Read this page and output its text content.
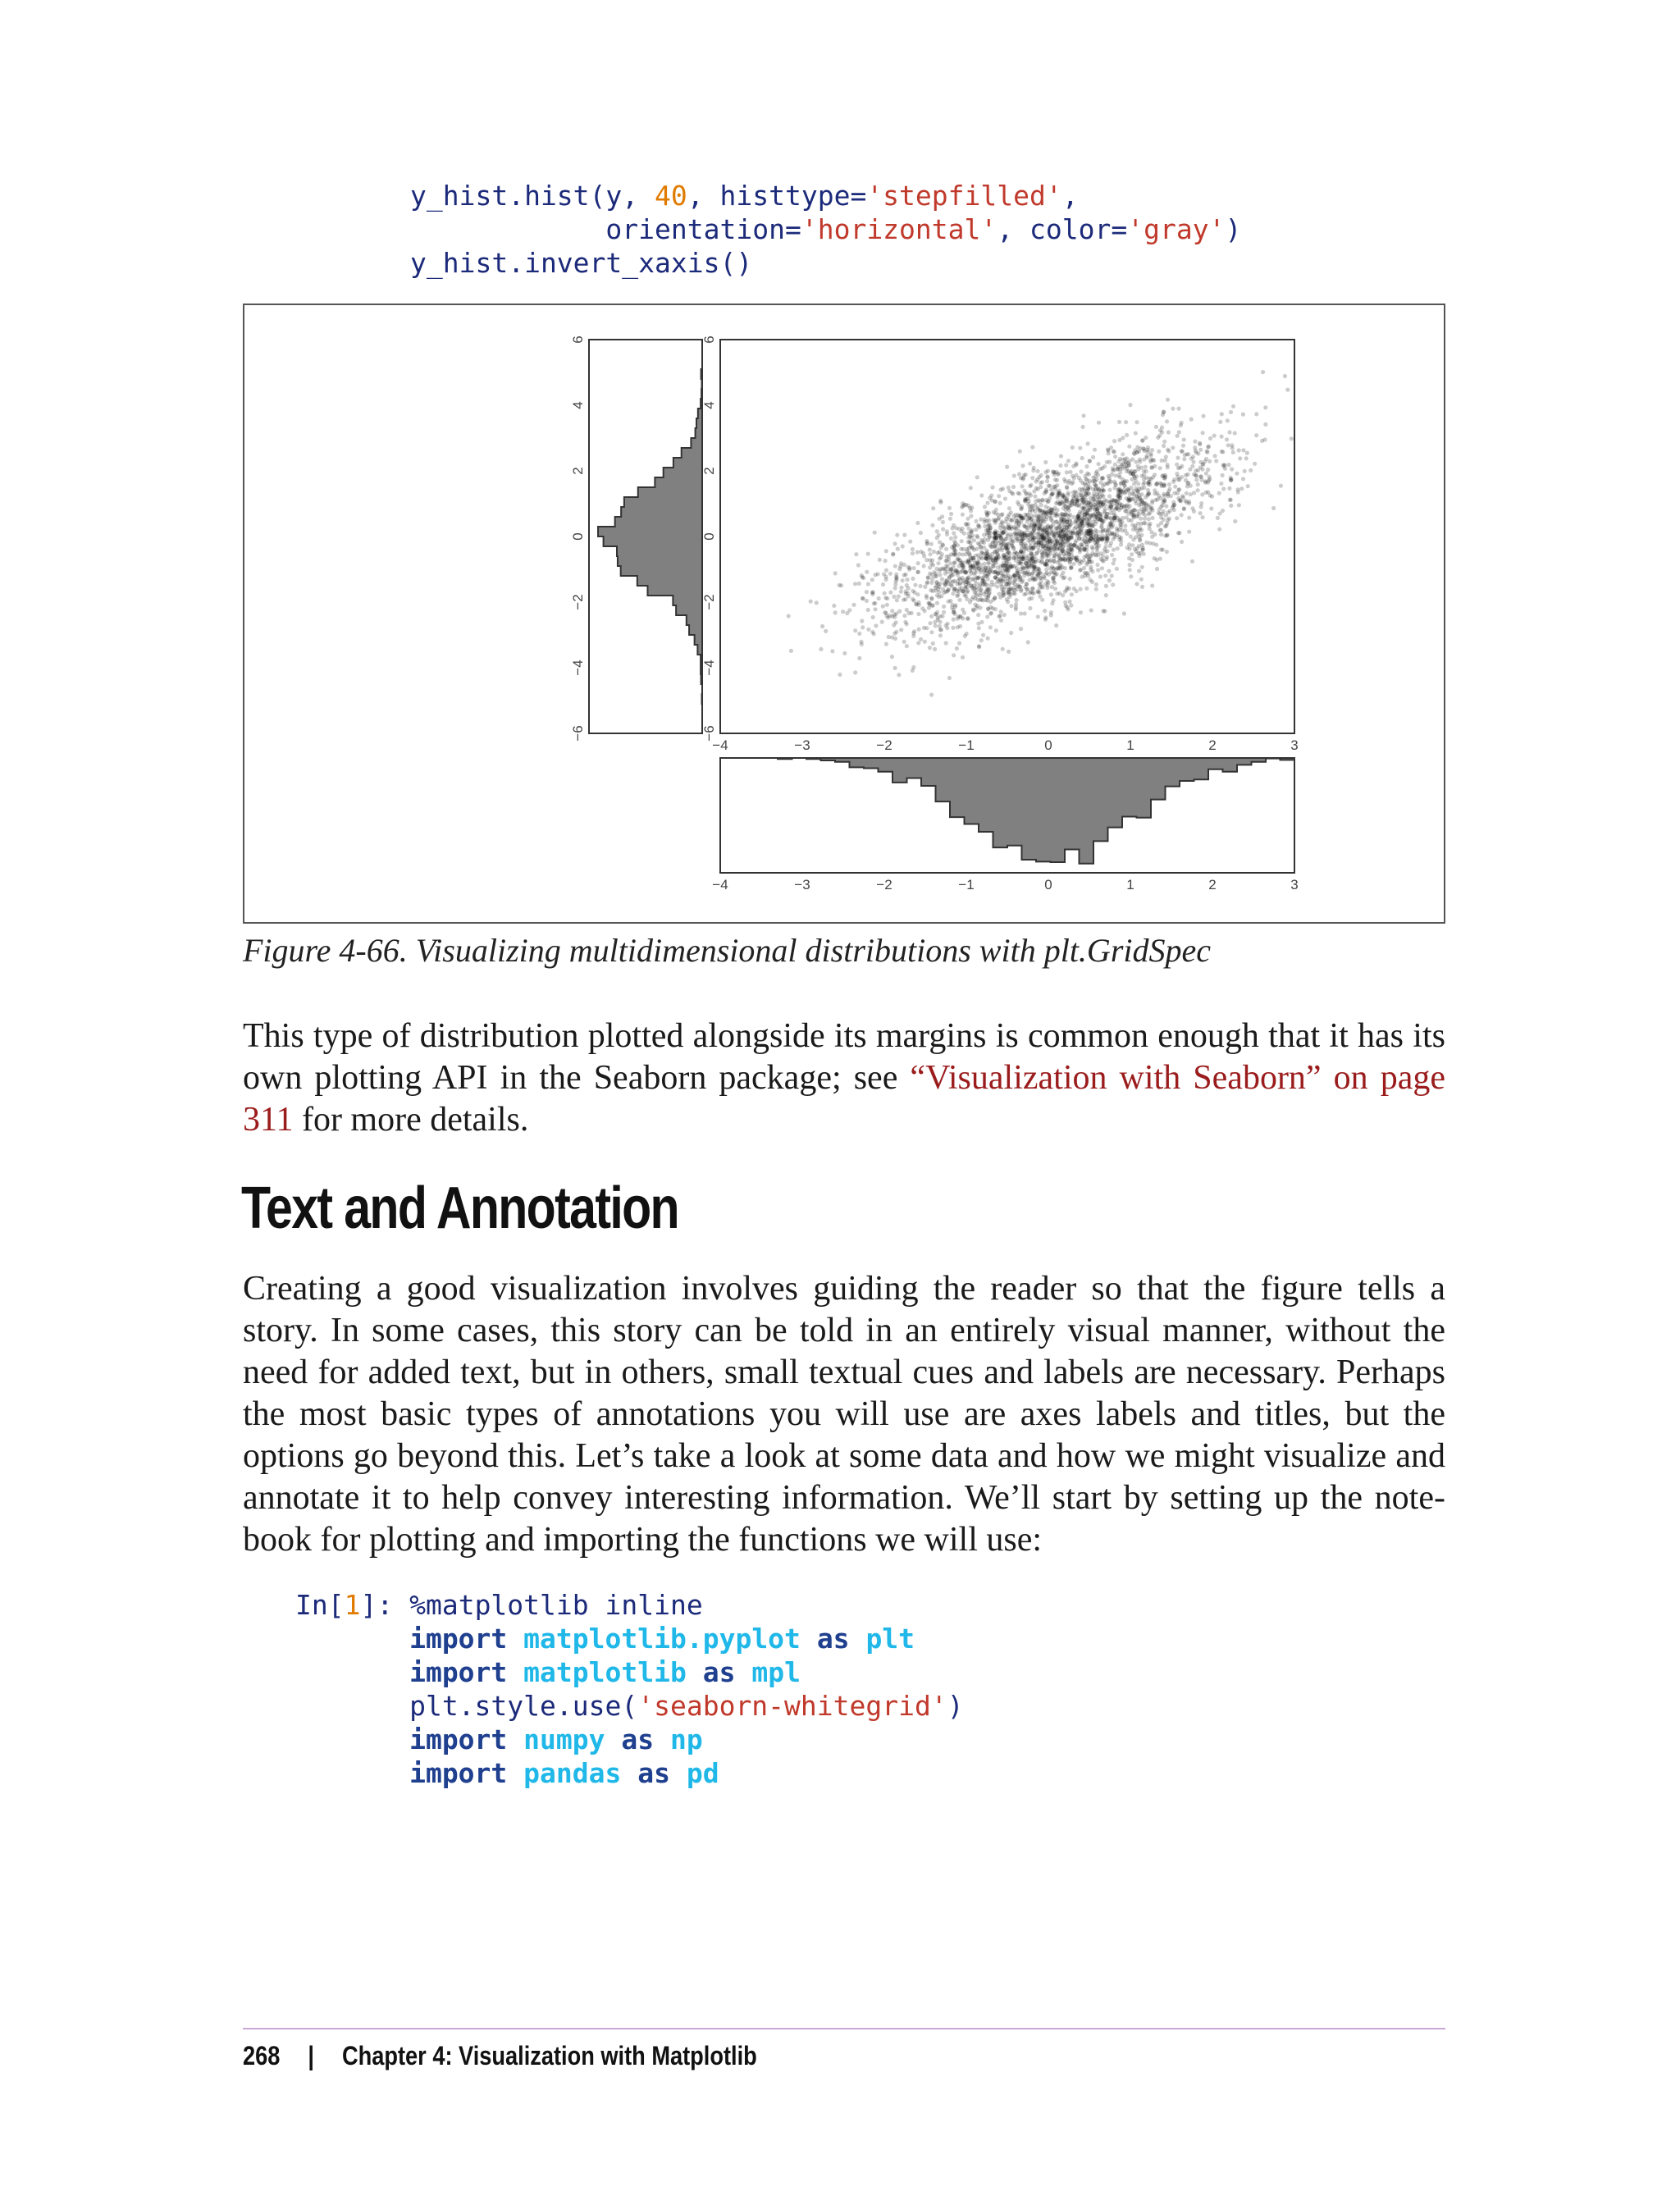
y_hist.hist(y, 40, histtype='stepfilled',
orientation='horizontal', color='gray')
y_hist.invert_xaxis()
−6
−4
−2
0
2
4
6
−4	−3	−2	−1	0	1	2	3
−6
−4
−2
0
2
4
6
−4	−3	−2	−1	0	1	2	3
Figure 4-66. Visualizing multidimensional distributions with plt.GridSpec

This type of distribution plotted alongside its margins is common enough that it has its own plotting API in the Seaborn package; see “Visualization with Seaborn” on page 311 for more details.

Text and Annotation

Creating a good visualization involves guiding the reader so that the figure tells a story. In some cases, this story can be told in an entirely visual manner, without the need for added text, but in others, small textual cues and labels are necessary. Perhaps the most basic types of annotations you will use are axes labels and titles, but the options go beyond this. Let’s take a look at some data and how we might visualize and annotate it to help convey interesting information. We’ll start by setting up the notebook for plotting and importing the functions we will use:

In[1]: %matplotlib inline
import matplotlib.pyplot as plt
import matplotlib as mpl
plt.style.use('seaborn-whitegrid')
import numpy as np
import pandas as pd
268 | Chapter 4: Visualization with Matplotlib
